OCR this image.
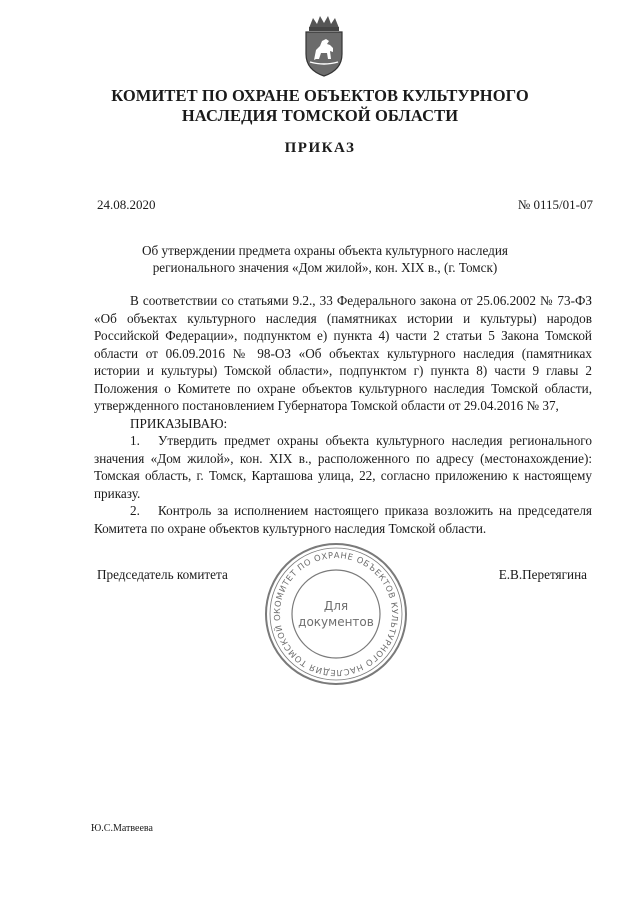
КОМИТЕТ ПО ОХРАНЕ ОБЪЕКТОВ КУЛЬТУРНОГО
НАСЛЕДИЯ ТОМСКОЙ ОБЛАСТИ
ПРИКАЗ
24.08.2020	№ 0115/01-07
Об утверждении предмета охраны объекта культурного наследия
регионального значения «Дом жилой», кон. XIX в., (г. Томск)

В соответствии со статьями 9.2., 33 Федерального закона от 25.06.2002 № 73-ФЗ «Об объектах культурного наследия (памятниках истории и культуры) народов Российской Федерации», подпунктом е) пункта 4) части 2 статьи 5 Закона Томской области от 06.09.2016 № 98-ОЗ «Об объектах культурного наследия (памятниках истории и культуры) Томской области», подпунктом г) пункта 8) части 9 главы 2 Положения о Комитете по охране объектов культурного наследия Томской области, утвержденного постановлением Губернатора Томской области от 29.04.2016 № 37,

ПРИКАЗЫВАЮ:

1. Утвердить предмет охраны объекта культурного наследия регионального значения «Дом жилой», кон. XIX в., расположенного по адресу (местонахождение): Томская область, г. Томск, Карташова улица, 22, согласно приложению к настоящему приказу.

2. Контроль за исполнением настоящего приказа возложить на председателя Комитета по охране объектов культурного наследия Томской области.

Председатель комитета	Е.В.Перетягина
КОМИТЕТ ПО ОХРАНЕ ОБЪЕКТОВ КУЛЬТУРНОГО НАСЛЕДИЯ ТОМСКОЙ О
Для
документов
Ю.С.Матвеева
